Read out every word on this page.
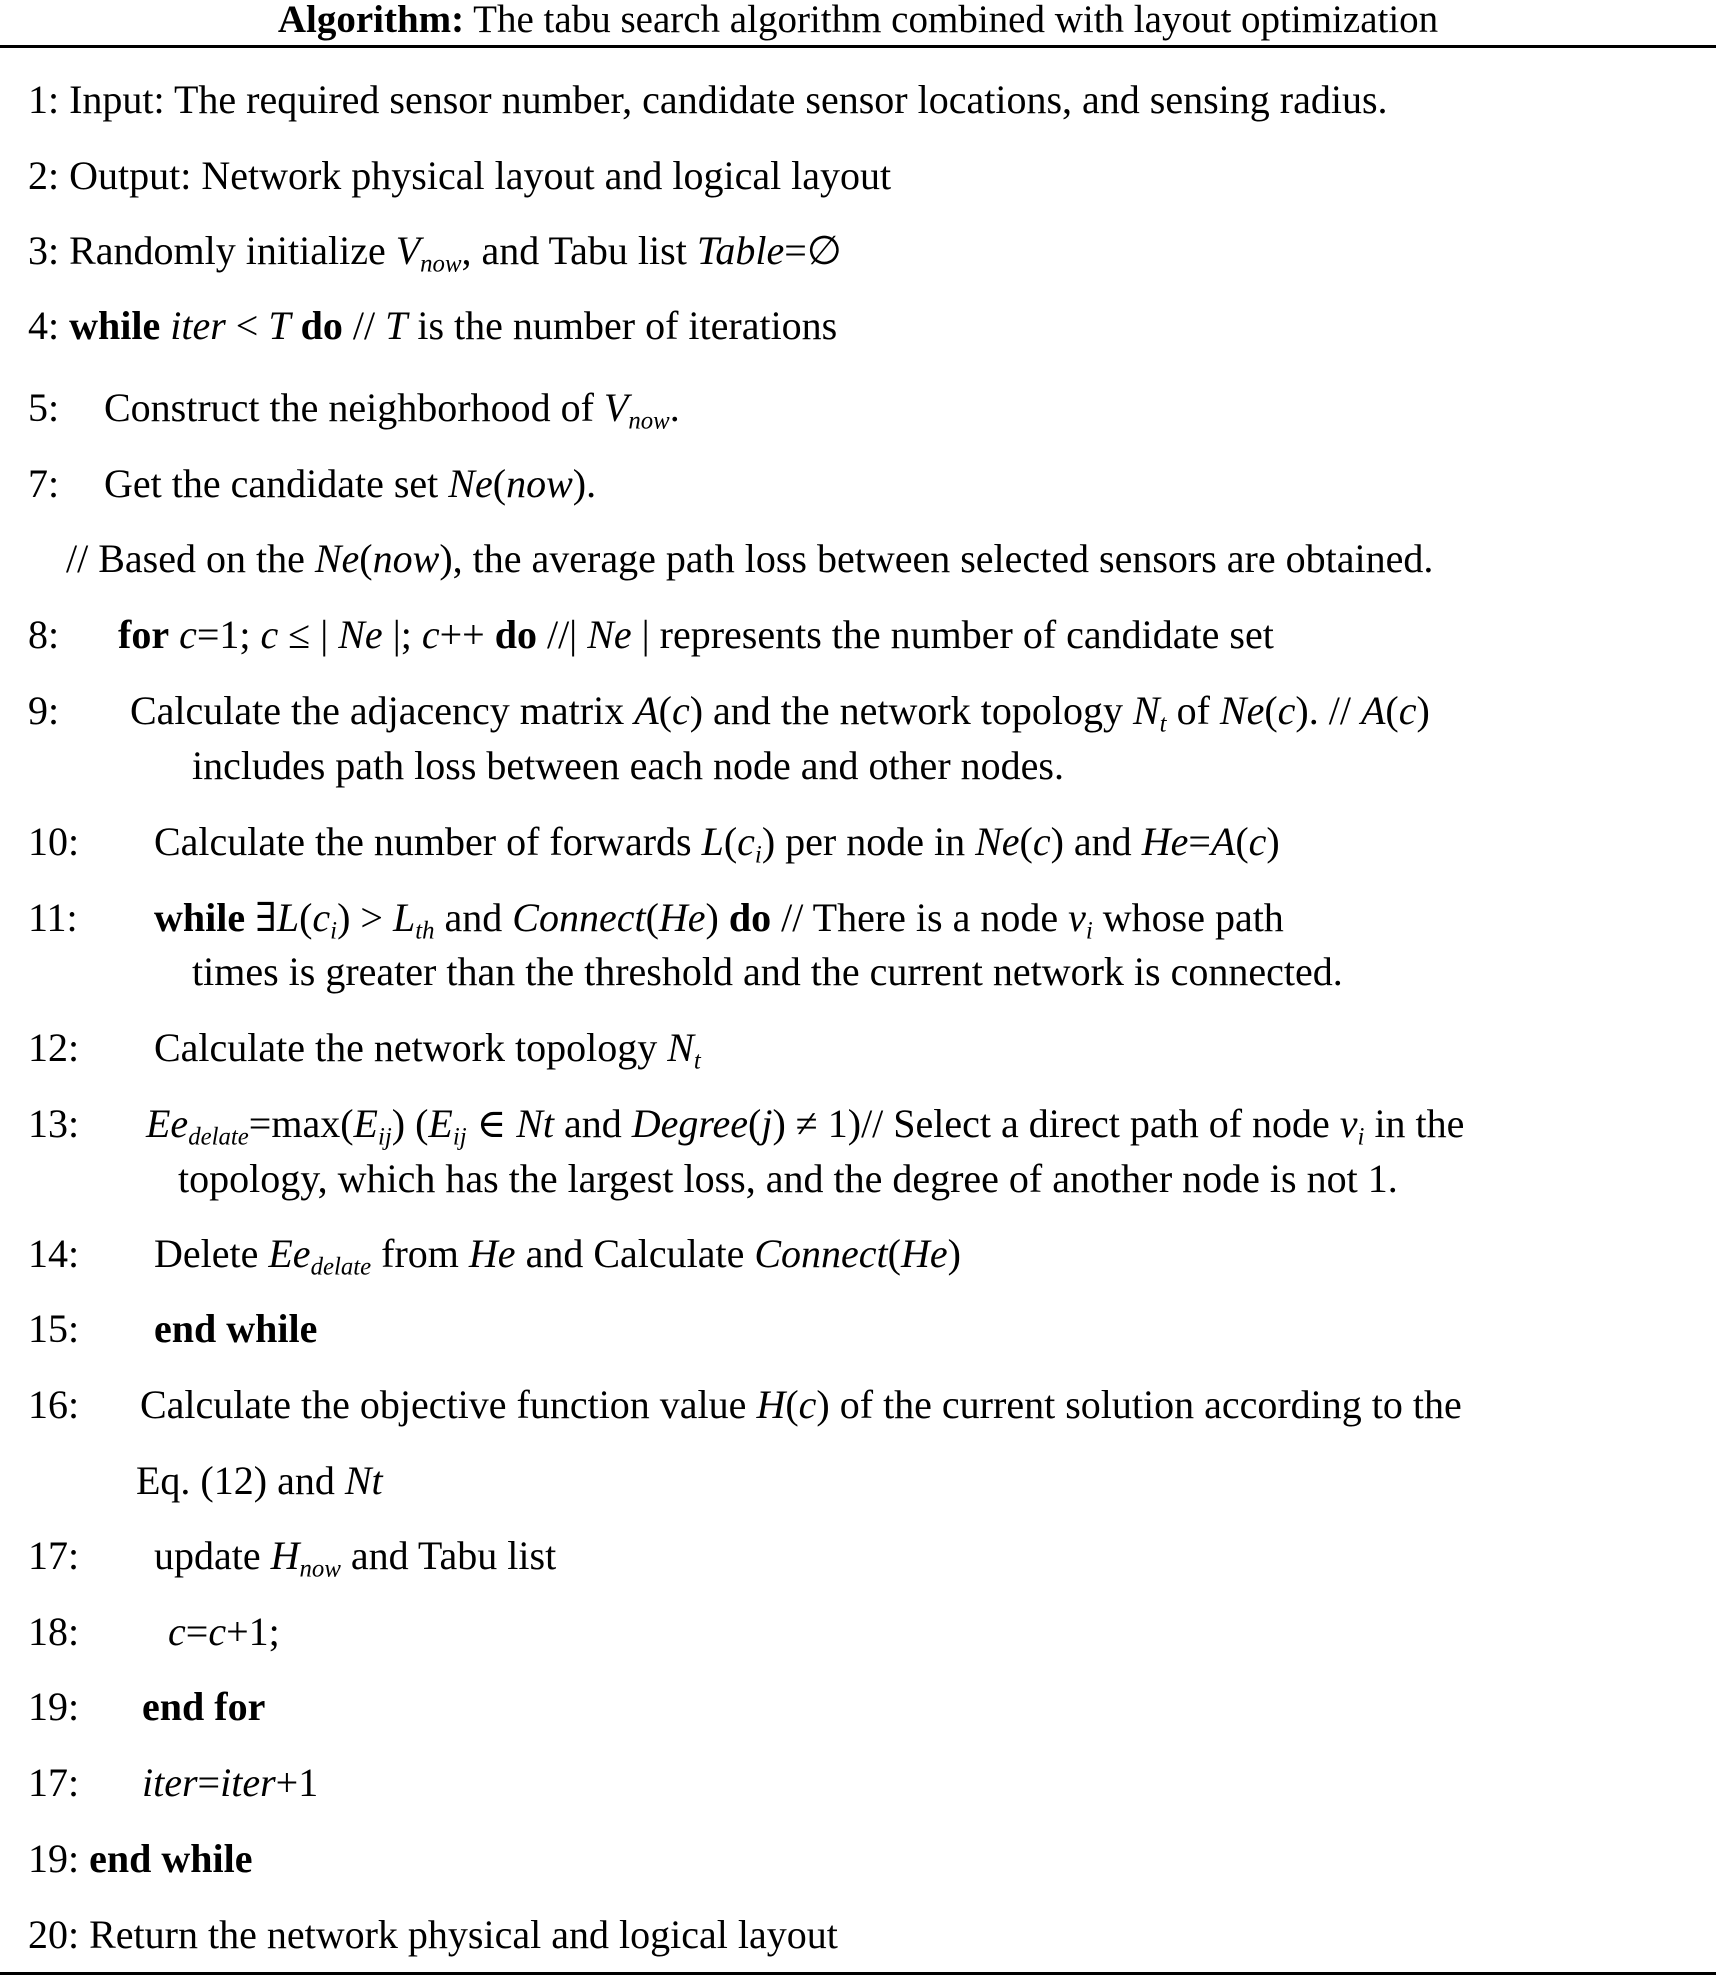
Algorithm: The tabu search algorithm combined with layout optimization
1: Input: The required sensor number, candidate sensor locations, and sensing radius.
2: Output: Network physical layout and logical layout
3: Randomly initialize $V_{now}$, and Tabu list Table=∅
4: while iter < T do // T is the number of iterations
5: Construct the neighborhood of $V_{now}$.
7: Get the candidate set Ne(now).
// Based on the Ne(now), the average path loss between selected sensors are obtained.
8: for c=1; c ≤ | Ne |; c++ do //| Ne | represents the number of candidate set
9: Calculate the adjacency matrix A(c) and the network topology $N_t$ of Ne(c). // A(c)
includes path loss between each node and other nodes.
10: Calculate the number of forwards $L(c_i)$ per node in Ne(c) and He=A(c)
11: while $\exists L(c_i) > L_{th}$ and Connect(He) do // There is a node $v_i$ whose path
times is greater than the threshold and the current network is connected.
12: Calculate the network topology $N_t$
13: $Ee_{delate}=\max(E_{ij})$ ($E_{ij}$ ∈ Nt and Degree(j) ≠ 1)// Select a direct path of node $v_i$ in the
topology, which has the largest loss, and the degree of another node is not 1.
14: Delete $Ee_{delate}$ from He and Calculate Connect(He)
15: end while
16: Calculate the objective function value H(c) of the current solution according to the
Eq. (12) and Nt
17: update $H_{now}$ and Tabu list
18: c=c+1;
19: end for
17: iter=iter+1
19: end while
20: Return the network physical and logical layout
